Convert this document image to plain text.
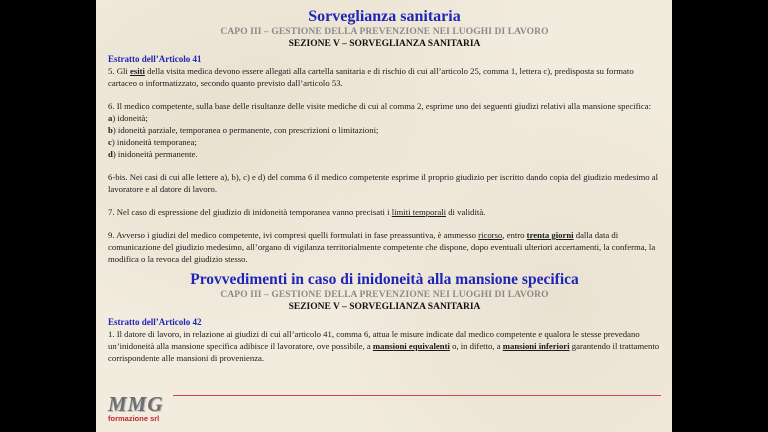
Sorveglianza sanitaria
CAPO III – GESTIONE DELLA PREVENZIONE NEI LUOGHI DI LAVORO
SEZIONE V – SORVEGLIANZA SANITARIA
Estratto dell’Articolo 41

5. Gli esiti della visita medica devono essere allegati alla cartella sanitaria e di rischio di cui all’articolo 25, comma 1, lettera c), predisposta su formato cartaceo o informatizzato, secondo quanto previsto dall’articolo 53.

6. Il medico competente, sulla base delle risultanze delle visite mediche di cui al comma 2, esprime uno dei seguenti giudizi relativi alla mansione specifica:

a) idoneità;
b) idoneità parziale, temporanea o permanente, con prescrizioni o limitazioni;
c) inidoneità temporanea;
d) inidoneità permanente.

6-bis. Nei casi di cui alle lettere a), b), c) e d) del comma 6 il medico competente esprime il proprio giudizio per iscritto dando copia del giudizio medesimo al lavoratore e al datore di lavoro.

7. Nel caso di espressione del giudizio di inidoneità temporanea vanno precisati i limiti temporali di validità.

9. Avverso i giudizi del medico competente, ivi compresi quelli formulati in fase preassuntiva, è ammesso ricorso, entro trenta giorni dalla data di comunicazione del giudizio medesimo, all’organo di vigilanza territorialmente competente che dispone, dopo eventuali ulteriori accertamenti, la conferma, la modifica o la revoca del giudizio stesso.

Provvedimenti in caso di inidoneità alla mansione specifica
CAPO III – GESTIONE DELLA PREVENZIONE NEI LUOGHI DI LAVORO
SEZIONE V – SORVEGLIANZA SANITARIA
Estratto dell’Articolo 42

1. Il datore di lavoro, in relazione ai giudizi di cui all’articolo 41, comma 6, attua le misure indicate dal medico competente e qualora le stesse prevedano un’inidoneità alla mansione specifica adibisce il lavoratore, ove possibile, a mansioni equivalenti o, in difetto, a mansioni inferiori garantendo il trattamento corrispondente alle mansioni di provenienza.

MMG
formazione srl
